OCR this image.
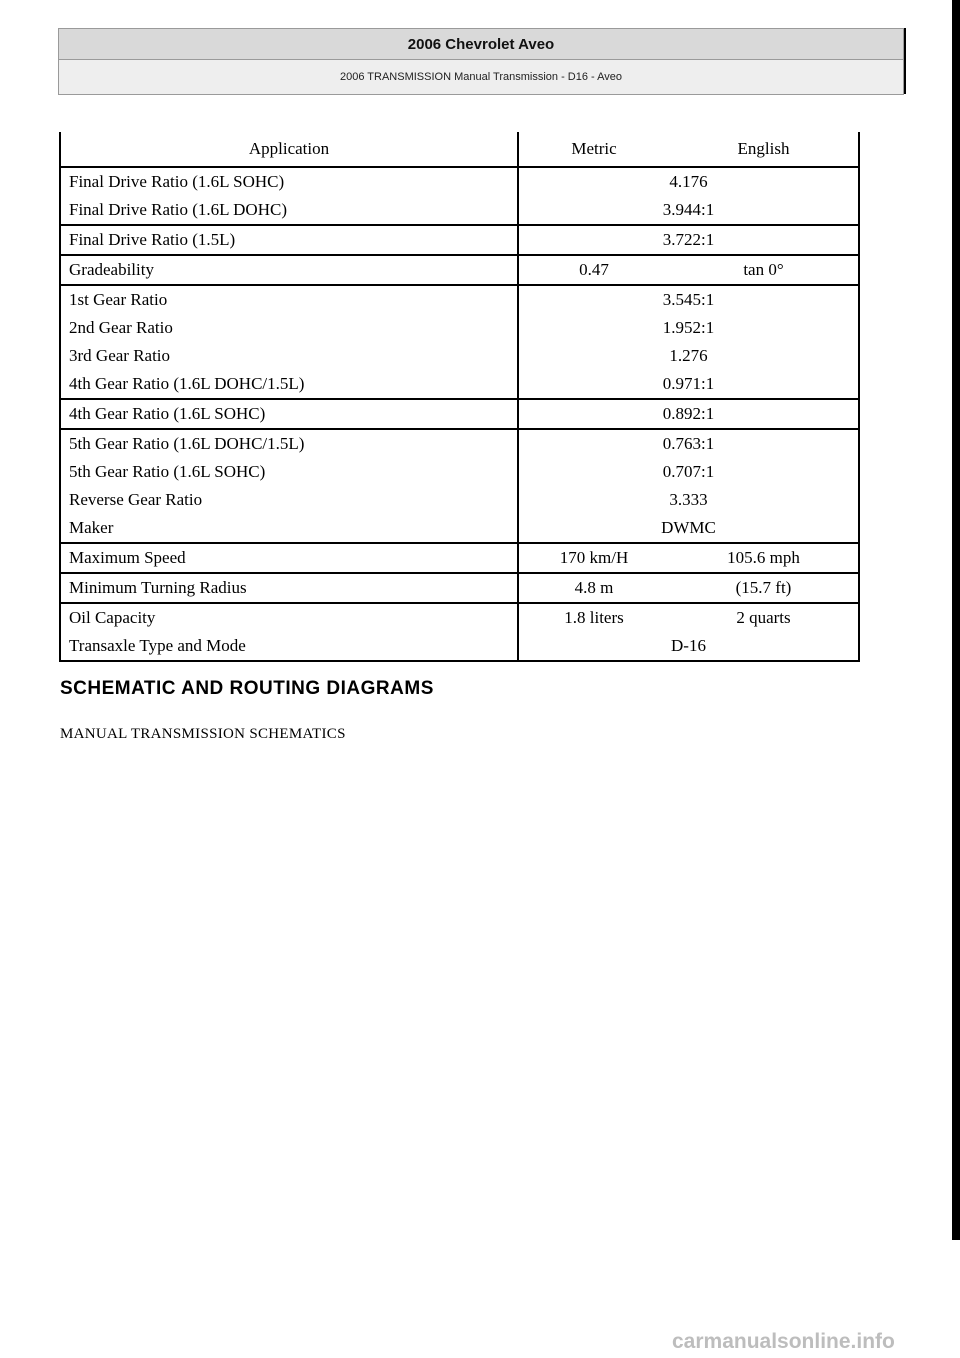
2006 Chevrolet Aveo
2006 TRANSMISSION Manual Transmission - D16 - Aveo
Application	Metric	English
Final Drive Ratio (1.6L SOHC)	4.176	
Final Drive Ratio (1.6L DOHC)	3.944:1	
Final Drive Ratio (1.5L)	3.722:1	
Gradeability	0.47	tan 0°
1st Gear Ratio	3.545:1	
2nd Gear Ratio	1.952:1	
3rd Gear Ratio	1.276	
4th Gear Ratio (1.6L DOHC/1.5L)	0.971:1	
4th Gear Ratio (1.6L SOHC)	0.892:1	
5th Gear Ratio (1.6L DOHC/1.5L)	0.763:1	
5th Gear Ratio (1.6L SOHC)	0.707:1	
Reverse Gear Ratio	3.333	
Maker	DWMC	
Maximum Speed	170 km/H	105.6 mph
Minimum Turning Radius	4.8 m	(15.7 ft)
Oil Capacity	1.8 liters	2 quarts
Transaxle Type and Mode	D-16	
SCHEMATIC AND ROUTING DIAGRAMS
MANUAL TRANSMISSION SCHEMATICS
carmanualsonline.info
